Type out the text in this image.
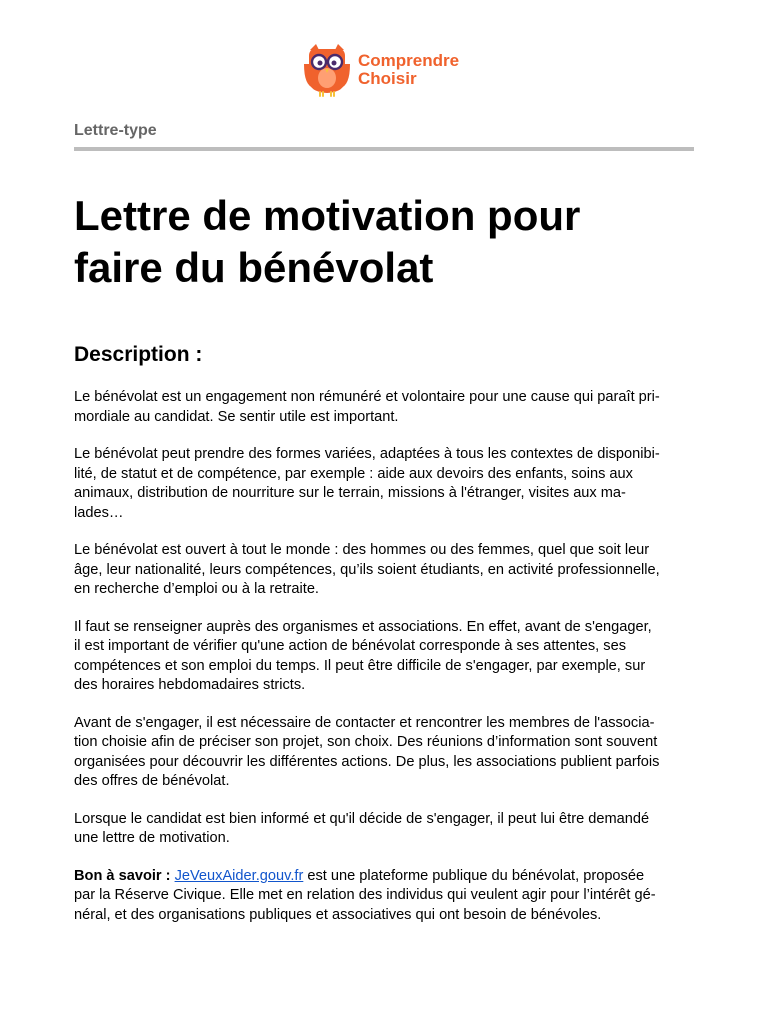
Comprendre
Choisir
Lettre-type
Lettre de motivation pour
faire du bénévolat
Description :

Le bénévolat est un engagement non rémunéré et volontaire pour une cause qui paraît pri-
mordiale au candidat. Se sentir utile est important.

Le bénévolat peut prendre des formes variées, adaptées à tous les contextes de disponibi-
lité, de statut et de compétence, par exemple : aide aux devoirs des enfants, soins aux
animaux, distribution de nourriture sur le terrain, missions à l'étranger, visites aux ma-
lades…

Le bénévolat est ouvert à tout le monde : des hommes ou des femmes, quel que soit leur
âge, leur nationalité, leurs compétences, qu’ils soient étudiants, en activité professionnelle,
en recherche d’emploi ou à la retraite.

Il faut se renseigner auprès des organismes et associations. En effet, avant de s'engager,
il est important de vérifier qu'une action de bénévolat corresponde à ses attentes, ses
compétences et son emploi du temps. Il peut être difficile de s'engager, par exemple, sur
des horaires hebdomadaires stricts.

Avant de s'engager, il est nécessaire de contacter et rencontrer les membres de l'associa-
tion choisie afin de préciser son projet, son choix. Des réunions d’information sont souvent
organisées pour découvrir les différentes actions. De plus, les associations publient parfois
des offres de bénévolat.

Lorsque le candidat est bien informé et qu'il décide de s'engager, il peut lui être demandé
une lettre de motivation.

Bon à savoir : JeVeuxAider.gouv.fr est une plateforme publique du bénévolat, proposée
par la Réserve Civique. Elle met en relation des individus qui veulent agir pour l’intérêt gé-
néral, et des organisations publiques et associatives qui ont besoin de bénévoles.
